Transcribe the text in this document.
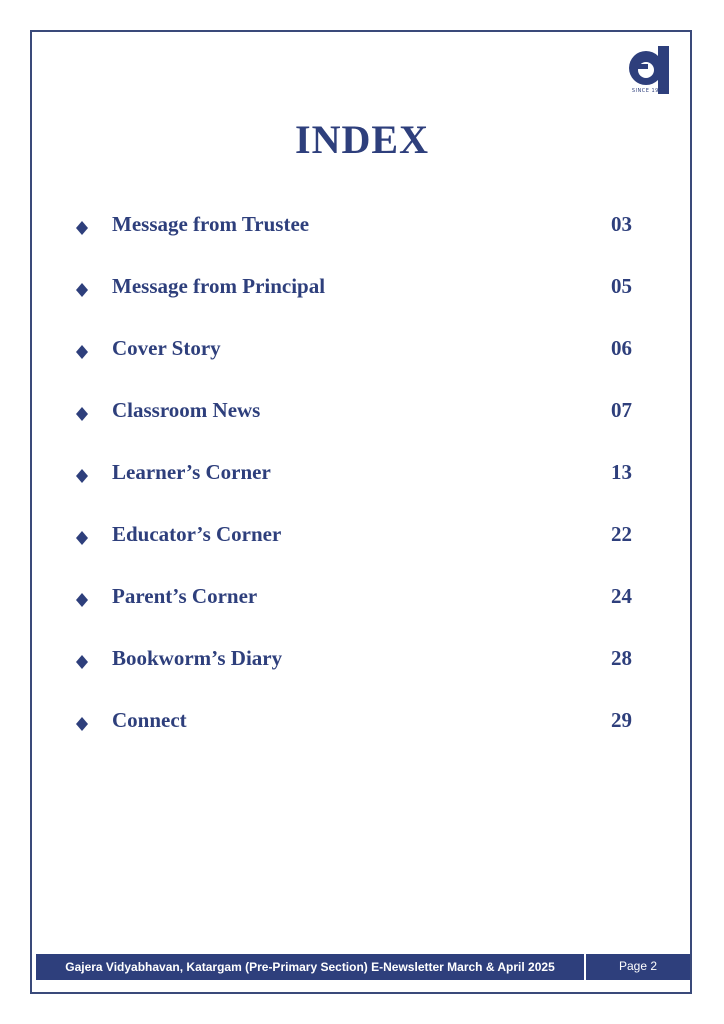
SINCE 1993
INDEX
Message from Trustee	03
Message from Principal	05
Cover Story	06
Classroom News	07
Learner’s Corner	13
Educator’s Corner	22
Parent’s Corner	24
Bookworm’s Diary	28
Connect	29
Gajera Vidyabhavan, Katargam (Pre-Primary Section) E-Newsletter March & April 2025	Page 2
